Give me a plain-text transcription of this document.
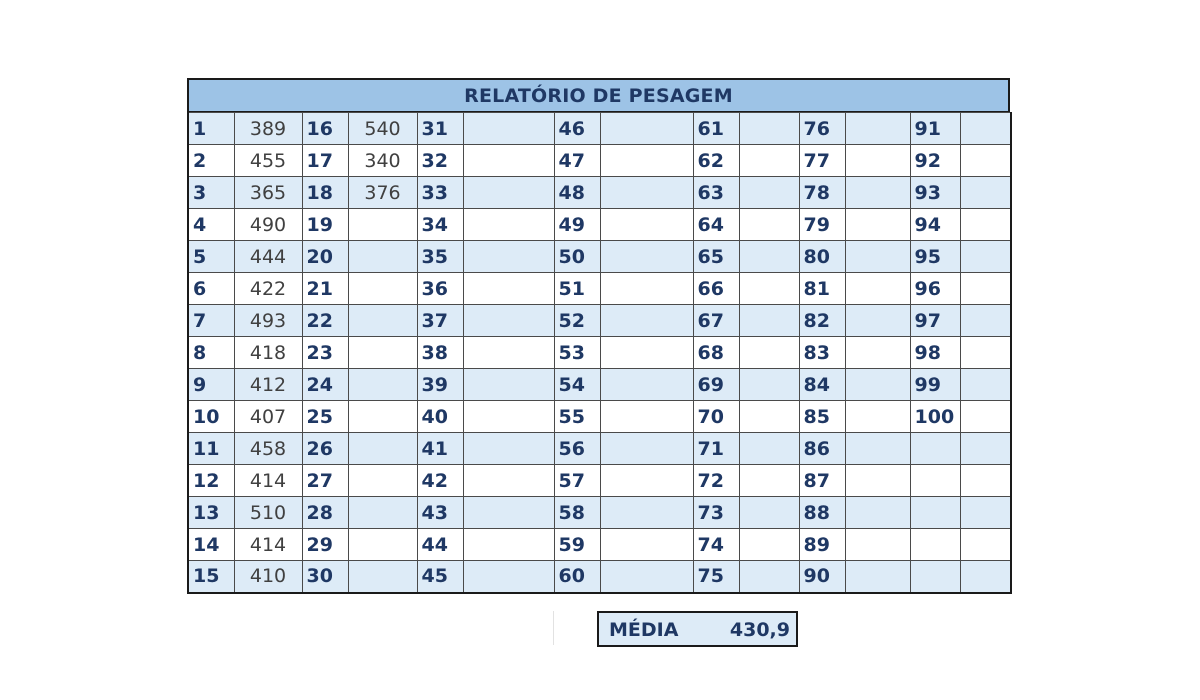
RELATÓRIO DE PESAGEM
1	389	16	540	31		46		61		76		91	
2	455	17	340	32		47		62		77		92	
3	365	18	376	33		48		63		78		93	
4	490	19		34		49		64		79		94	
5	444	20		35		50		65		80		95	
6	422	21		36		51		66		81		96	
7	493	22		37		52		67		82		97	
8	418	23		38		53		68		83		98	
9	412	24		39		54		69		84		99	
10	407	25		40		55		70		85		100	
11	458	26		41		56		71		86			
12	414	27		42		57		72		87			
13	510	28		43		58		73		88			
14	414	29		44		59		74		89			
15	410	30		45		60		75		90			
MÉDIA	430,9
